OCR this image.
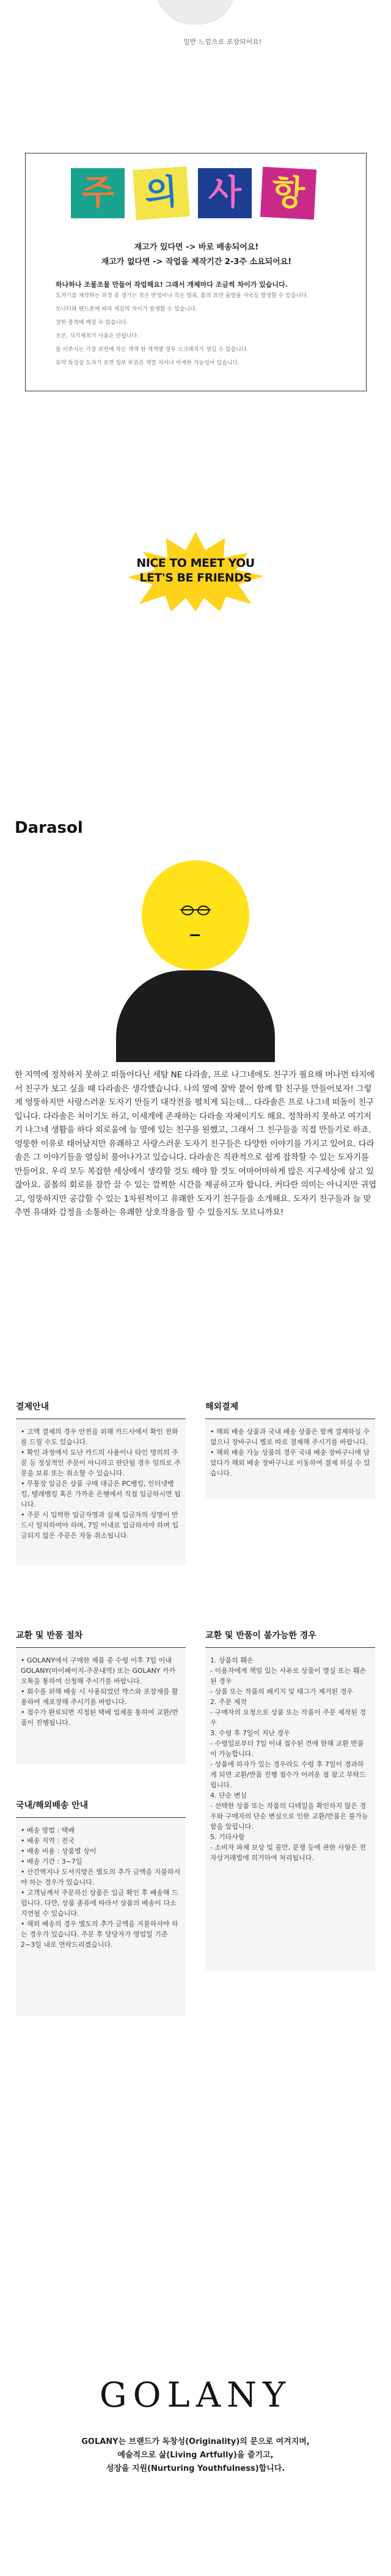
일반 느낌으로 포장되어요!
주 의 사 항
재고가 있다면 -> 바로 배송되어요!
재고가 없다면 -> 작업을 제작기간 2-3주 소요되어요!
하나하나 조물조물 만들어 작업해요! 그래서 개체마다 조금씩 차이가 있습니다.
도자기를 재작하는 과정 중 생기는 작은 반점이나 작은 얼룩, 흙의 표면 물방울 자국등 발생할 수 있습니다.
모니터와 핸드폰에 따라 색감의 차이가 발생할 수 있습니다.
강한 충격에 깨질 수 있습니다.
오븐, 식기세척기 사용은 안됩니다.
물 이쑤시는 가장 표면에 작은 색색 한 색색별 경우 스크래치가 생길 수 있습니다.
유약 특성상 도자기 표면 일부 부분은 색깔 차이나 미세한 가능성이 있습니다.
NICE TO MEET YOU
LET'S BE FRIENDS
Darasol
한 지역에 정착하지 못하고 떠돌아다닌 세탐 NE 다라솔, 프로 나그네에도 친구가 필요해 머나먼 타지에서 친구가 보고 싶을 때 다라솔은 생각했습니다. 나의 옆에 잘박 붙어 함께 할 친구를 만들어보자! 그렇게 엉뚱하지만 사랑스러운 도자기 만들기 대작전을 펼치게 되는데... 다라솔은 프로 나그네 떠돌이 친구입니다. 다라솔은 처이기도 하고, 이세계에 존재하는 다라솔 자체이기도 해요. 정착하지 못하고 여기저기 나그네 생활을 하다 외로움에 늘 옆에 있는 친구를 원했고, 그래서 그 친구들을 직접 만들기로 하죠. 엉뚱한 이유로 태어났지만 유쾌하고 사랑스러운 도자기 친구들은 다양한 이야기를 가지고 있어요. 다라솔은 그 이야기들을 열심히 풀어나가고 있습니다. 다라솔은 직관적으로 쉽게 잡착할 수 있는 도자기를 만들어요. 우리 모두 복잡한 세상에서 생각할 것도 해야 할 것도 어마어마하게 많은 지구세상에 살고 있잖아요. 골몰의 회로를 잠깐 끌 수 있는 깜찍한 시간을 제공하고자 합니다. 커다란 의미는 아니지만 귀엽고, 엉뚱하지만 공감할 수 있는 1차원적이고 유쾌한 도자기 친구들을 소개해요. 도자기 친구들과 늘 맞추면 유대와 감정을 소통하는 유쾌한 상호작용을 할 수 있을지도 모르니까요!
결제안내
• 고액 결제의 경우 안전을 위해 카드사에서 확인 전화를 드릴 수도 있습니다.
• 확인 과정에서 도난 카드의 사용이나 타인 명의의 주문 등 정상적인 주문이 아니라고 판단될 경우 임의로 주문을 보류 또는 취소할 수 있습니다.
• 무통장 입금은 상품 구매 대금은 PC뱅킹, 인터넷뱅킹, 텔레뱅킹 혹은 가까운 은행에서 직접 입금하시면 됩니다.
• 주문 시 입력한 입금자명과 실제 입금자의 성명이 반드시 일치하여야 하며, 7일 이내로 입금하셔야 하며 입금되지 않은 주문은 자동 취소됩니다.
해외결제
• 해외 배송 상품과 국내 배송 상품은 함께 결제하실 수 없으니 장바구니 별로 따로 결제해 주시기를 바랍니다.
• 해외 배송 가능 상품의 경우 국내 배송 장바구니에 담았다가 해외 배송 장바구니로 이동하여 결제 하실 수 있습니다.
교환 및 반품 절차
• GOLANY에서 구매한 제품 중 수령 이후 7일 이내 GOLANY(마이페이지-주문내역) 또는 GOLANY 카카오톡을 통하여 신청해 주시기를 바랍니다.
• 회수를 위해 배송 시 사용되었던 박스와 포장재를 활용하여 재포장해 주시기를 바랍니다.
• 접수가 완료되면 지정된 택배 업체를 통하여 교환/반품이 진행됩니다.
교환 및 반품이 불가능한 경우
1. 상품의 훼손
- 이용자에게 책임 있는 사유로 상품이 멸실 또는 훼손된 경우
- 상품 또는 작품의 패키지 및 태그가 제거된 경우
2. 주문 제작
- 구매자의 요청으로 상품 또는 작품이 주문 제작된 경우
3. 수령 후 7일이 지난 경우
- 수령일로부터 7일 이내 접수된 건에 한해 교환 반품이 가능합니다.
- 상품에 하자가 있는 경우라도 수령 후 7일이 경과하게 되면 교환/반품 진행 접수가 어려운 점 참고 부탁드립니다.
4. 단순 변심
- 선택한 상품 또는 작품의 디테일을 확인하지 않은 경우와 구매자의 단순 변심으로 인한 교환/반품은 불가능함을 알립니다.
5. 기타사항
- 소비자 파체 보상 및 불만, 분쟁 등에 관한 사항은 전자상거래법에 의거하여 처리됩니다.
국내/해외배송 안내
• 배송 방법 : 택배
• 배송 지역 : 전국
• 배송 비용 : 상품별 상이
• 배송 기간 : 3~7일
• 산간벽지나 도서지방은 별도의 추가 금액을 지불하셔야 하는 경우가 있습니다.
• 고객님께서 주문하신 상품은 입금 확인 후 배송해 드립니다. 다만, 상품 종류에 따라서 상품의 배송이 다소 지연될 수 있습니다.
• 해외 배송의 경우 별도의 추가 금액을 지불하셔야 하는 경우가 있습니다. 주문 후 당당자가 영업일 기준 2~3일 내로 연락드리겠습니다.
GOLANY
GOLANY는 브랜드가 독창성(Originality)의 문으로 여겨지며,
예술적으로 삶(Living Artfully)을 즐기고,
성장을 지원(Nurturing Youthfulness)합니다.
